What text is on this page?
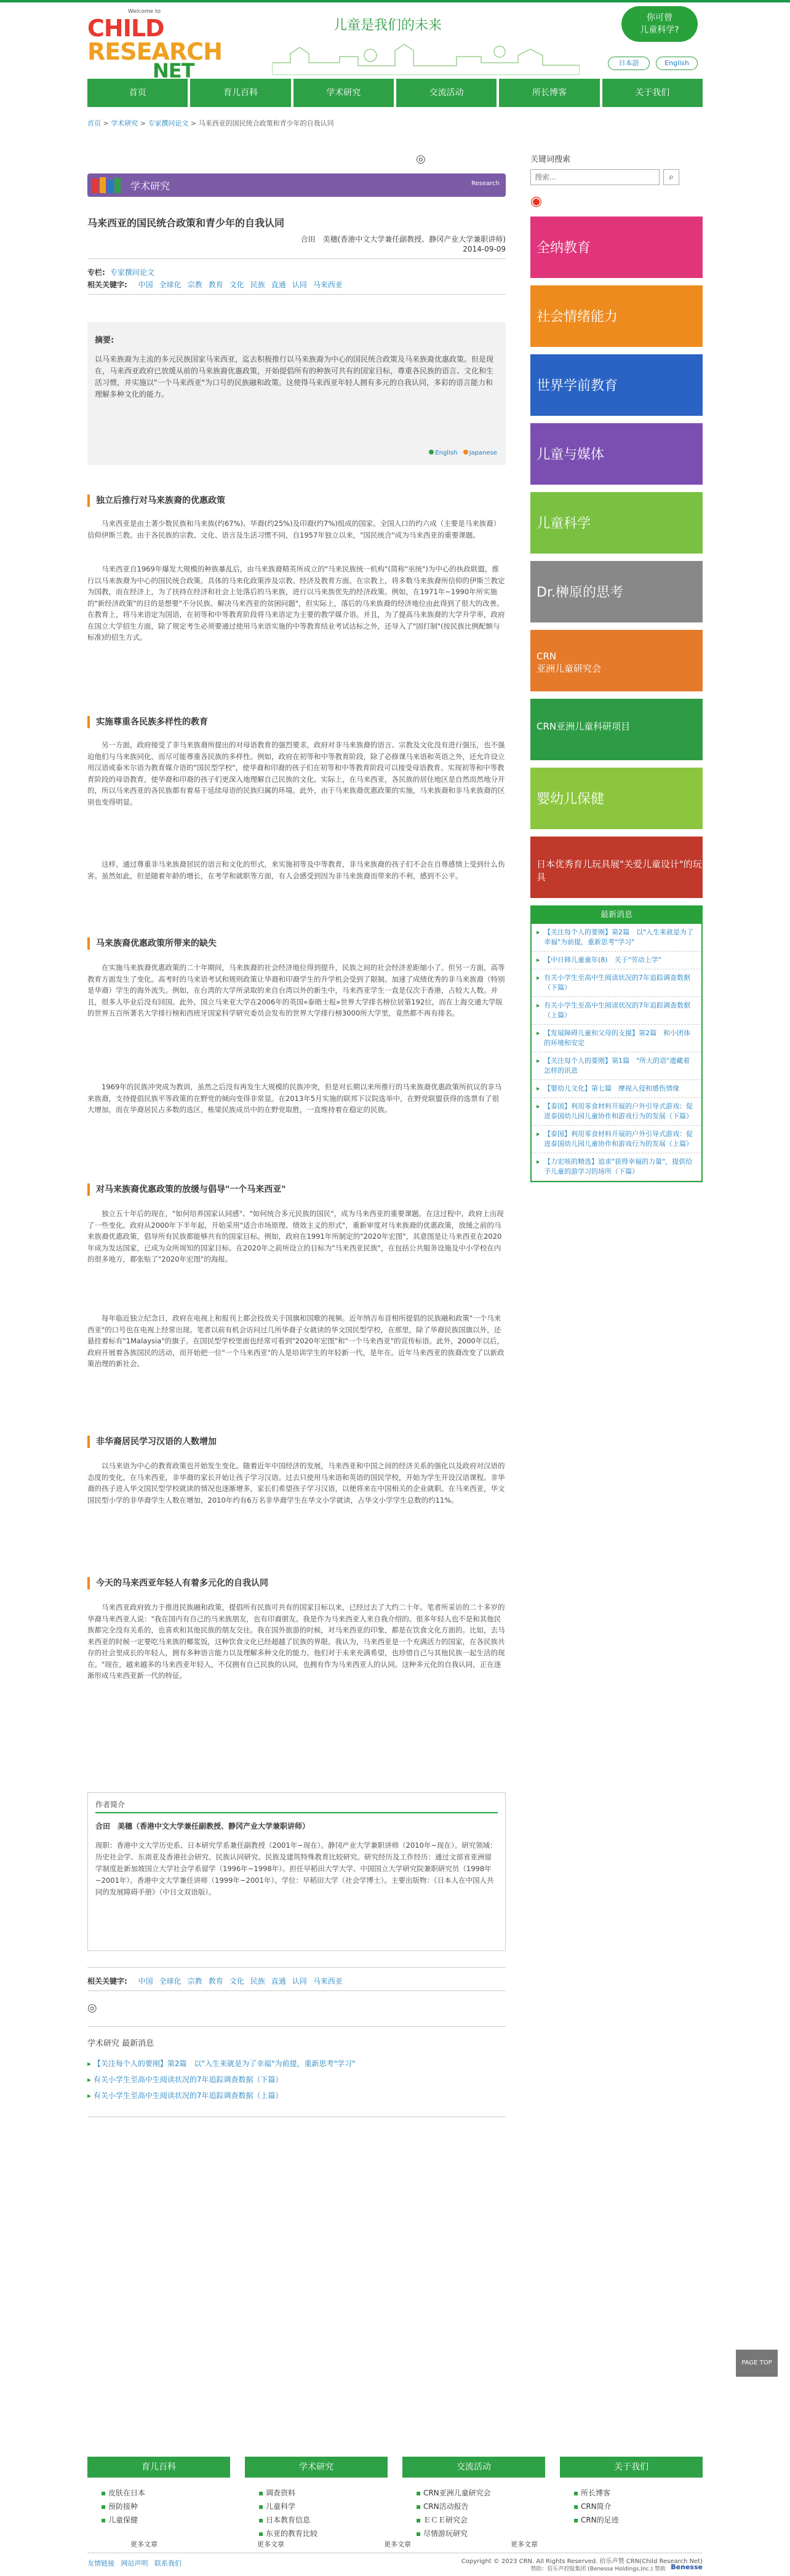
Welcome to
CHILD
RESEARCH
NET
儿童是我们的未来	你可曾
儿童科学?
日本語	English
首页	育儿百科	学术研究	交流活动	所长博客	关于我们
首页 > 学术研究 > 专家撰问论文 > 马来西亚的国民统合政策和青少年的自我认同
◎
学术研究	Research
马来西亚的国民统合政策和青少年的自我认同
合田　美穗(香港中文大学兼任副教授、静冈产业大学兼职讲师)
2014-09-09
专栏: 专家撰问论文
相关关键字: 中国 全球化 宗教 教育 文化 民族 直通 认同 马来西亚
摘要:
以马来族裔为主流的多元民族国家马来西亚，迄去积极推行以马来族裔为中心的国民统合政策及马来族裔优惠政策。但是现在，马来西亚政府已放缓从前的马来族裔优惠政策，开始提倡所有的种族可共有的国家目标，尊重各民族的语言、文化和生活习惯，并实施以"一个马来西亚"为口号的民族融和政策。这使得马来西亚年轻人拥有多元的自我认同，多彩的语言能力和理解多种文化的能力。
English Japanese
独立后推行对马来族裔的优惠政策
马来西亚是由土著少数民族和马来族(约67%)、华裔(约25%)及印裔(约7%)组成的国家。全国人口的约六成（主要是马来族裔）信仰伊斯兰教。由于各民族的宗教、文化、语言及生活习惯不同，自1957年独立以来，"国民统合"成为马来西亚的重要课题。
马来西亚自1969年爆发大规模的种族暴乱后，由马来族裔精英所成立的"马来民族统一机构"(简称"巫统")为中心的执政联盟，推行以马来族裔为中心的国民统合政策。具体的马来化政策涉及宗教、经济及教育方面。在宗教上，将多数马来族裔所信仰的伊斯兰教定为国教，而在经济上，为了扶持在经济和社会上处落后的马来族，进行以马来族优先的经济政策。例如，在1971年~1990年所实施的"新经济政策"的目的是想要"不分民族、解决马来西亚的贫困问题"，但实际上，落后的马来族裔的经济地位由此得到了很大的改善。在教育上，将马来语定为国语，在初等和中等教育阶段将马来语定为主要的教学媒介语。并且，为了提高马来族裔的大学升学率，政府在国立大学招生方面，除了规定考生必须要通过使用马来语实施的中等教育结业考试达标之外，还导入了"固打制"(按民族比例配额与标准)的招生方式。
实施尊重各民族多样性的教育
另一方面，政府接受了非马来族裔所提出的对母语教育的强烈要求，政府对非马来族裔的语言、宗教及文化没有进行强压，也不强迫他们与马来族同化，而尽可能尊重各民族的多样性。例如，政府在初等和中等教育阶段，除了必修课马来语和英语之外，还允许设立用汉语或泰米尔语为教育媒介语的"国民型学校"，使华裔和印裔的孩子们在初等和中等教育阶段可以接受母语教育。实现初等和中等教育阶段的母语教育，使华裔和印裔的孩子们更深入地理解自己民族的文化。实际上，在马来西亚，各民族的居住地区是自然而然地分开的，所以马来西亚的各民族都有着易于延续母语的民族归属的环境。此外，由于马来族裔优惠政策的实施，马来族裔和非马来族裔的区别也变得明显。
这样，通过尊重非马来族裔居民的语言和文化的形式，来实施初等及中等教育，非马来族裔的孩子们不会在自尊感情上受到什么伤害。虽然如此，但是随着年龄的增长，在考学和就职等方面，有人会感受到因为非马来族裔而带来的不利，感到不公平。
马来族裔优惠政策所带来的缺失
在实施马来族裔优惠政策的二十年期间，马来族裔的社会经济地位得到提升，民族之间的社会经济差距缩小了。但另一方面，高等教育方面发生了变化。高考时的马来语考试和规则政策让华裔和印裔学生的升学机会受到了限制。加速了成绩优秀的非马来族裔（特别是华裔）学生的海外流失。例如，在台湾的大学所录取的来自台湾以外的新生中，马来西亚学生一直是仅次于香港，占较大人数。并且，很多人毕业后没有回国。此外，国立马来亚大学在2006年的英国«泰晤士报»世界大学排名榜位居第192位，而在上海交通大学版的世界五百所著名大学排行榜和西班牙国家科学研究委员会发布的世界大学排行榜3000所大学里，竟然都不再有排名。
1969年的民族冲突成为教训，虽然之后没有再发生大规模的民族冲突，但是对长期以来所推行的马来族裔优惠政策所抗议的非马来族裔，支持提倡民族平等政策的在野党的倾向变得非常显。在2013年5月实施的联邦下议院选举中，在野党联盟获得的选票有了很大增加，而在华裔居民占多数的选区，栋梁民族成员中的在野党取胜，一直维持着在稳定的民族。
对马来族裔优惠政策的放缓与倡导"一个马来西亚"
独立五十年后的现在，"如何培养国家认同感"、"如何统合多元民族的国民"，成为马来西亚的重要课题。在这过程中，政府上出现了一些变化。政府从2000年下半年起，开始采用"适合市场原理、绩效主义的形式"，重新审度对马来族裔的优惠政策，放缓之前的马来族裔优惠政策，倡导所有民族都能够共有的国家目标。例如，政府在1991年所制定的"2020年宏图"，其意图是让马来西亚在2020年成为发达国家，已成为众所周知的国家目标。在2020年之前所设立的目标为"马来西亚民族"，在包括公共服务设施及中小学校在内的很多地方，都张贴了"2020年宏图"的海报。
每年临近独立纪念日，政府在电视上和报刊上都会投放关于国旗和国歌的视频。近年纳吉布首相所提倡的民族融和政策"一个马来西亚"的口号也在电视上经常出现。笔者以前有机会访问过几所华裔子女就读的华文国民型学校，在那里，除了华裔民族国旗以外，还悬挂着标有"1Malaysia"的旗子。在国民型学校里面也经常可看到"2020年宏图"和"一个马来西亚"的宣传标语。此外，2000年以后，政府开展着各族国民的活动，而开始把一位"一个马来西亚"的人是培训学生的年轻新一代，是年在。近年马来西亚的族裔改变了以新政策治理的新社会。
非华裔居民学习汉语的人数增加
以马来语为中心的教育政策也开始发生变化。随着近年中国经济的发展，马来西亚和中国之间的经济关系的强化以及政府对汉语的态度的变化，在马来西亚，非华裔的家长开始让孩子学习汉语。过去只使用马来语和英语的国民学校，开始为学生开设汉语课程。非华裔的孩子进入华文国民型学校就读的情况也逐渐增多，家长们希望孩子学习汉语，以便将来在中国相关的企业就职。在马来西亚，华文国民型小学的非华裔学生人数在增加，2010年约有6万名非华裔学生在华文小学就读，占华文小学学生总数的约11%。
今天的马来西亚年轻人有着多元化的自我认同
马来西亚政府致力于推进民族融和政策，提倡所有民族可共有的国家目标以来，已经过去了大约二十年。笔者所采访的二十多岁的华裔马来西亚人说："我在国内有自己的马来族朋友，也有印裔朋友。我是作为马来西亚人来自我介绍的。很多年轻人也不是和其他民族都完全没有关系的，也喜欢和其他民族的朋友交往。我在国外旅游的时候，对马来西亚的印象，都是在饮食文化方面的。比如，去马来西亚的时候一定要吃马来族的椰浆饭，这种饮食文化已经超越了民族的界限。我认为，马来西亚是一个充满活力的国家，在各民族共存的社会里成长的年轻人，拥有多种语言能力以及理解多种文化的能力。他们对于未来充满希望，也珍惜自己与其他民族一起生活的现在。"现在，越来越多的马来西亚年轻人，不仅拥有自己民族的认同，也拥有作为马来西亚人的认同。这种多元化的自我认同，正在逐渐形成马来西亚新一代的特征。
作者简介
合田　美穗（香港中文大学兼任副教授、静冈产业大学兼职讲师）
现职：香港中文大学历史系、日本研究学系兼任副教授（2001年~现在）。静冈产业大学兼职讲师（2010年~现在）。研究领域：历史社会学、东南亚及香港社会研究、民族认同研究、民族及建筑特殊教育比较研究。研究经历及工作经历：通过文部省亚洲留学制度赴新加坡国立大学社会学系留学（1996年~1998年）。担任早稻田大学大学、中国国立大学研究院兼职研究员（1998年~2001年）。香港中文大学兼任讲师（1999年~2001年）。学位：早稻田大学（社会学博士）。主要出版物：《日本人在中国人共同的发展障碍手册》（中日文双语版）。
相关关键字: 中国 全球化 宗教 教育 文化 民族 直通 认同 马来西亚
◎
学术研究 最新消息
▸ 【关注每个人的要刚】第2篇　以"入生来就是为了幸福"为前提，重新思考"学习"
▸ 有关小学生至高中生阅读状况的7年追踪调查数据（下篇）
▸ 有关小学生至高中生阅读状况的7年追踪调查数据（上篇）
关键词搜索
搜索...
⌕
◉
全纳教育
社会情绪能力
世界学前教育
儿童与媒体
儿童科学
Dr.榊原的思考
CRN
亚洲儿童研究会
CRN亚洲儿童科研项目
婴幼儿保健
日本优秀育儿玩具展"关爱儿童设计"的玩具
最新消息
▸ 【关注每个人的要刚】第2篇　以"入生来就是为了幸福"为前提，重新思考"学习"
▸ 【中日韩儿童童年(8)　关于"劳动上学"
▸ 有关小学生至高中生阅读状况的7年追踪调查数据（下篇）
▸ 有关小学生至高中生阅读状况的7年追踪调查数据（上篇）
▸ 【发展障碍儿童和父母的支援】第2篇　和小团体的环境和安定
▸ 【关注每个人的要刚】第1篇　"所大的语"遗藏着怎样的讯息
▸ 【婴幼儿文化】第七篇　摩视入侵和感伤情缘
▸ 【泰国】利用零食材料开展的户外引导式游戏：促进泰国幼儿园儿童协作和游戏行为的发展（下篇）
▸ 【泰国】利用零食材料开展的户外引导式游戏：促进泰国幼儿园儿童协作和游戏行为的发展（上篇）
▸ 【力宏咳的精选】追求"获得幸福的力量"，提供给予儿童的游学习的场所（下篇）
PAGE TOP
育儿百科
▪ 皮肤在日本
▪ 预防接种
▪ 儿童保健
学术研究
▪ 调查资料
▪ 儿童科学
▪ 日本教育信息
▪ 东亚的教育比较
交流活动
▪ CRN亚洲儿童研究会
▪ CRN活动报告
▪ ＥＣＥ研究会
▪ 尽情游玩研究
关于我们
▪ 所长博客
▪ CRN简介
▪ CRN的足迹
更多文章	更多文章	更多文章	更多文章
友情链接 网站声明 联系我们	Copyright © 2023 CRN. All Rights Reserved. 倍乐声赞 CRN(Child Research Net)
赞助：倍乐声控股集团 (Benesse Holdings,Inc.) 赞助 Benesse
